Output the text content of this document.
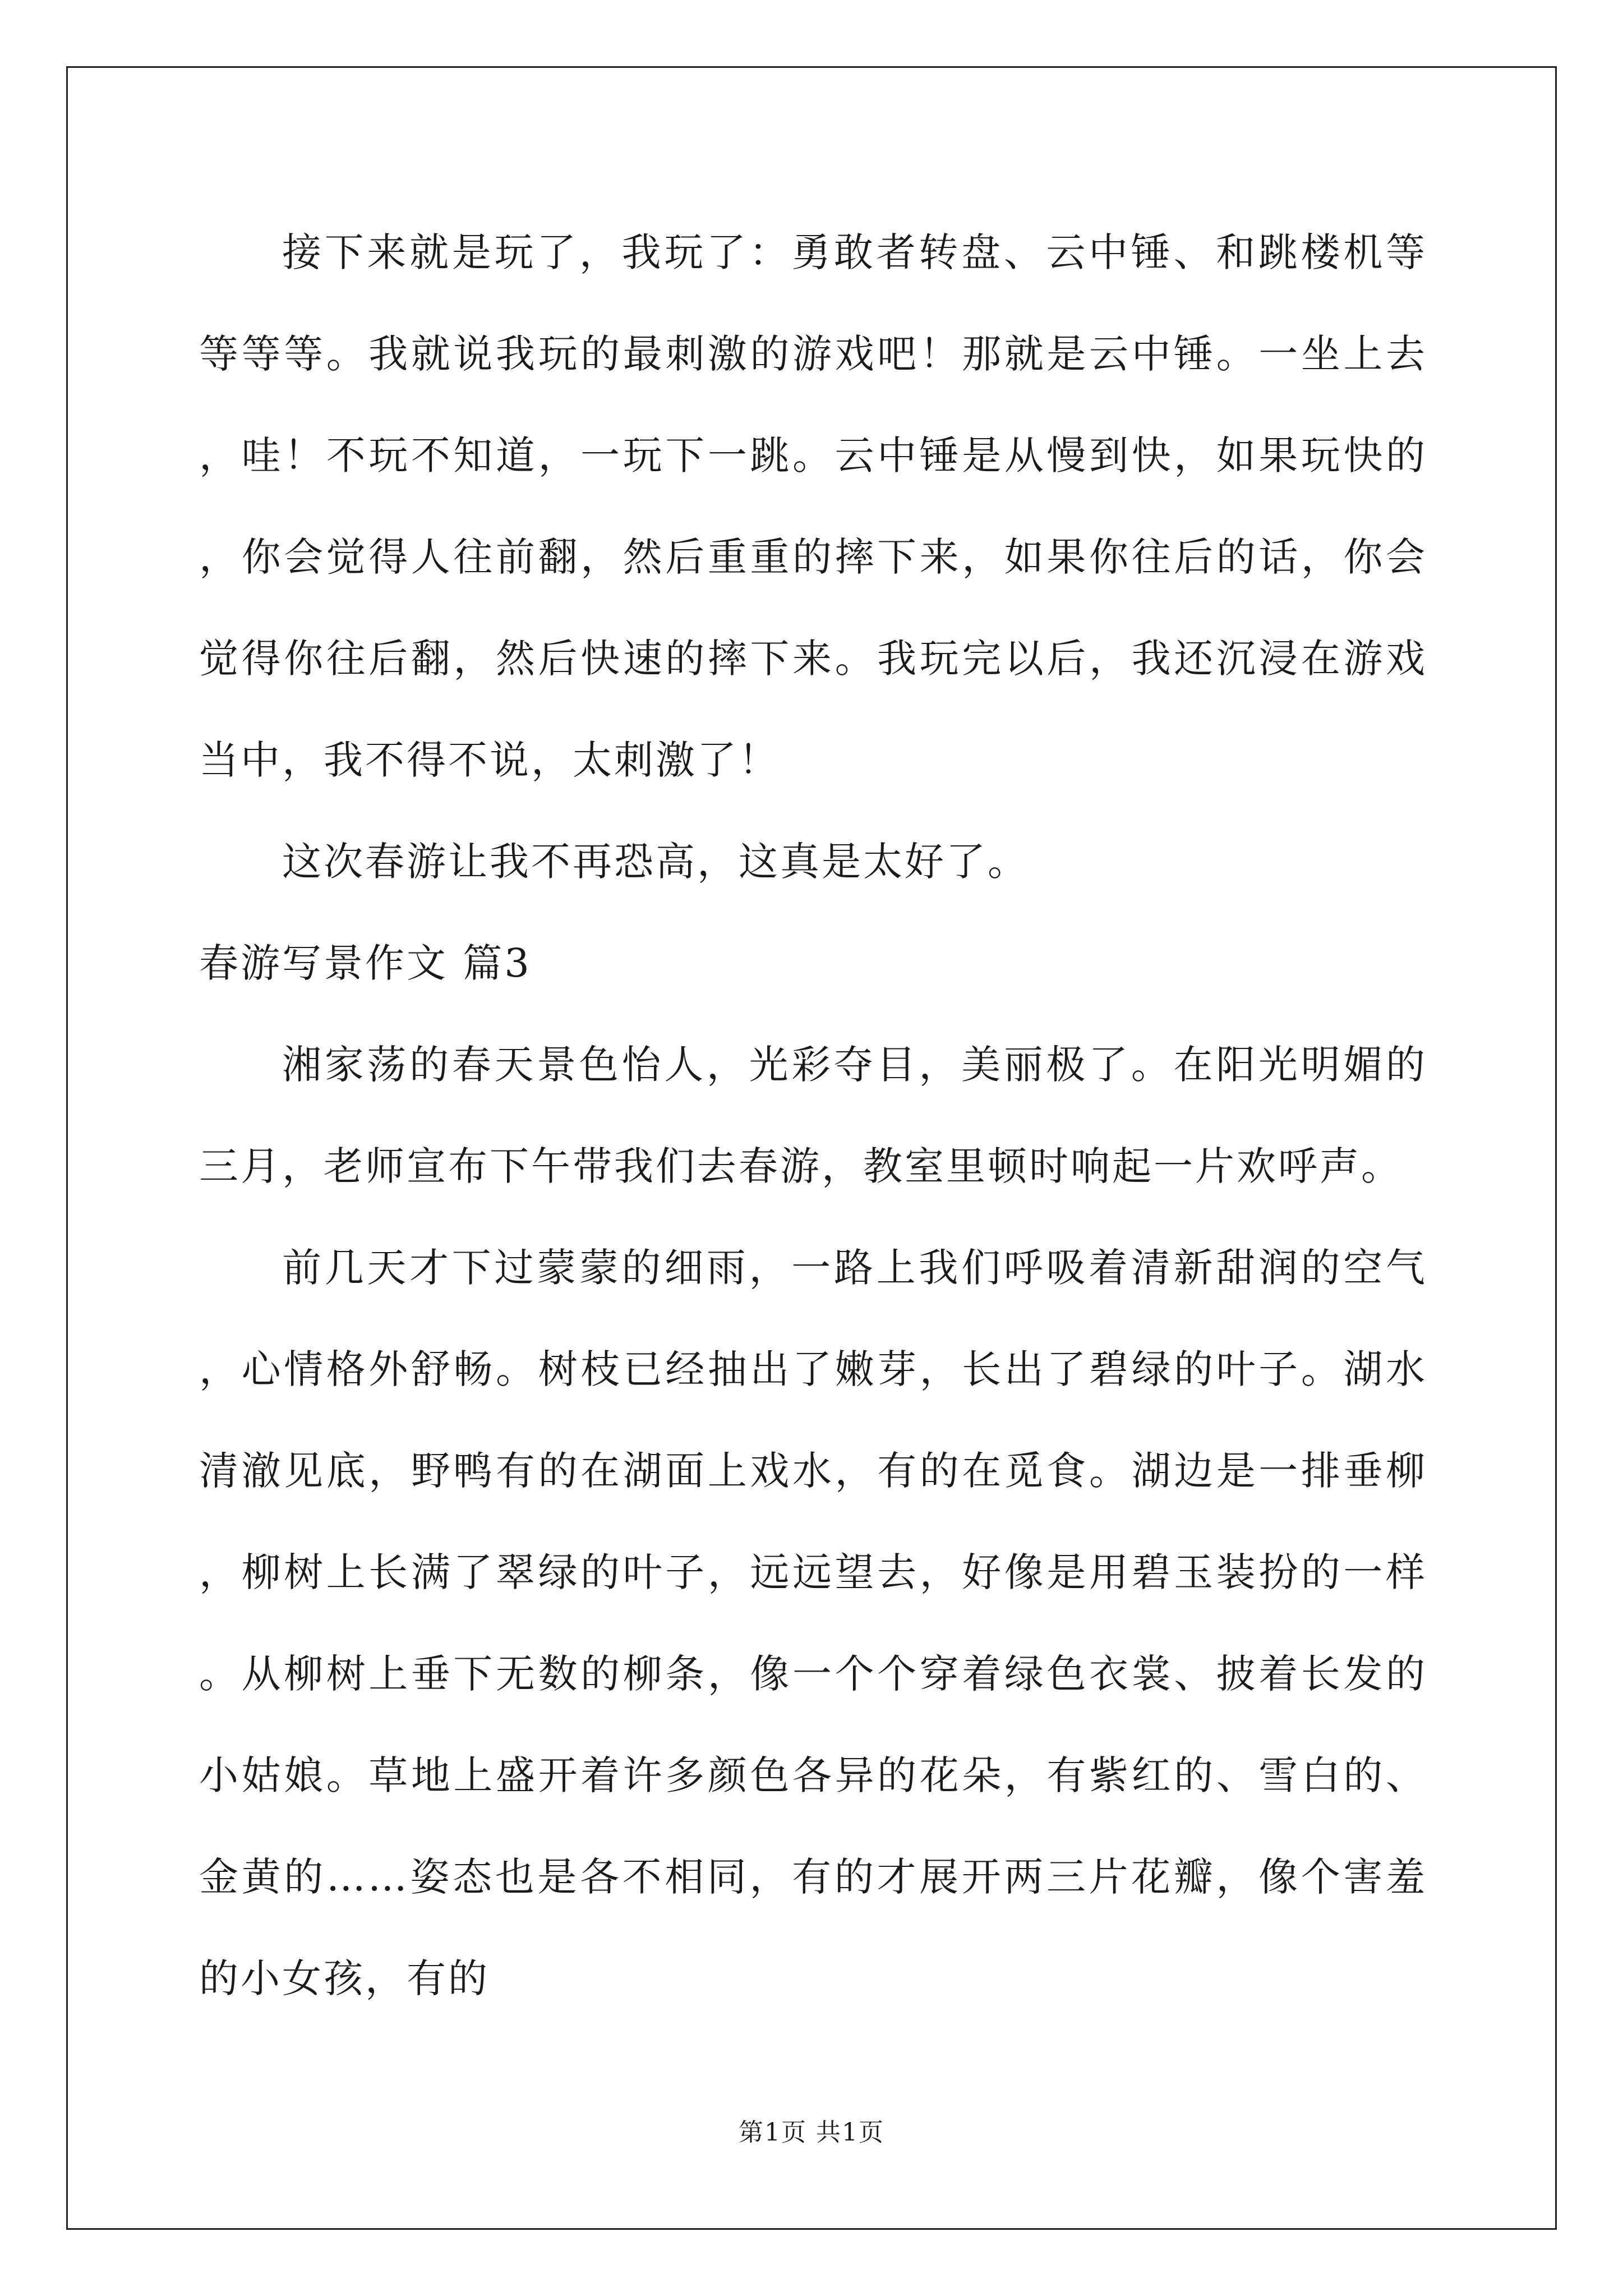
接下来就是玩了，我玩了：勇敢者转盘、云中锤、和跳楼机等等等等。我就说我玩的最刺激的游戏吧！那就是云中锤。一坐上去，哇！不玩不知道，一玩下一跳。云中锤是从慢到快，如果玩快的，你会觉得人往前翻，然后重重的摔下来，如果你往后的话，你会觉得你往后翻，然后快速的摔下来。我玩完以后，我还沉浸在游戏当中，我不得不说，太刺激了！

这次春游让我不再恐高，这真是太好了。

春游写景作文 篇3

湘家荡的春天景色怡人，光彩夺目，美丽极了。在阳光明媚的三月，老师宣布下午带我们去春游，教室里顿时响起一片欢呼声。

前几天才下过蒙蒙的细雨，一路上我们呼吸着清新甜润的空气，心情格外舒畅。树枝已经抽出了嫩芽，长出了碧绿的叶子。湖水清澈见底，野鸭有的在湖面上戏水，有的在觅食。湖边是一排垂柳，柳树上长满了翠绿的叶子，远远望去，好像是用碧玉装扮的一样。从柳树上垂下无数的柳条，像一个个穿着绿色衣裳、披着长发的小姑娘。草地上盛开着许多颜色各异的花朵，有紫红的、雪白的、金黄的……姿态也是各不相同，有的才展开两三片花瓣，像个害羞的小女孩，有的

第1页 共1页
